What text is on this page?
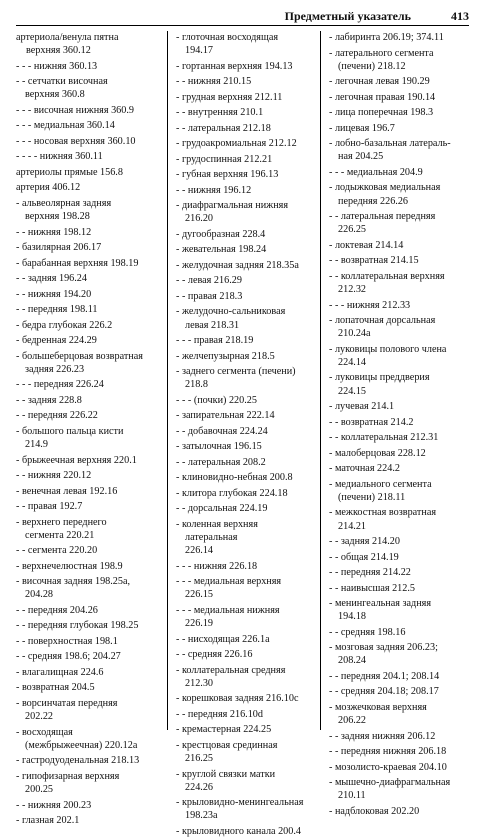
Предметный указатель	413
артериола/венула пятна
верхняя 360.12
- - - нижняя 360.13
- - сетчатки височная
верхняя 360.8
- - - височная нижняя 360.9
- - - медиальная 360.14
- - - носовая верхняя 360.10
- - - - нижняя 360.11
артериолы прямые 156.8
артерия 406.12
- альвеолярная задняя
верхняя 198.28
- - нижняя 198.12
- базилярная 206.17
- барабанная верхняя 198.19
- - задняя 196.24
- - нижняя 194.20
- - передняя 198.11
- бедра глубокая 226.2
- бедренная 224.29
- большеберцовая возвратная
задняя 226.23
- - - передняя 226.24
- - задняя 228.8
- - передняя 226.22
- большого пальца кисти
214.9
- брыжеечная верхняя 220.1
- - нижняя 220.12
- венечная левая 192.16
- - правая 192.7
- верхнего переднего
сегмента 220.21
- - сегмента 220.20
- верхнечелюстная 198.9
- височная задняя 198.25а,
204.28
- - передняя 204.26
- - передняя глубокая 198.25
- - поверхностная 198.1
- - средняя 198.6; 204.27
- влагалищная 224.6
- возвратная 204.5
- ворсинчатая передняя
202.22
- восходящая
(межбрыжеечная) 220.12а
- гастродуоденальная 218.13
- гипофизарная верхняя
200.25
- - нижняя 200.23
- глазная 202.1
- глоточная восходящая
194.17
- гортанная верхняя 194.13
- - нижняя 210.15
- грудная верхняя 212.11
- - внутренняя 210.1
- - латеральная 212.18
- грудоакромиальная 212.12
- грудоспинная 212.21
- губная верхняя 196.13
- - нижняя 196.12
- диафрагмальная нижняя
216.20
- дугообразная 228.4
- жевательная 198.24
- желудочная задняя 218.35а
- - левая 216.29
- - правая 218.3
- желудочно-сальниковая
левая 218.31
- - - правая 218.19
- желчепузырная 218.5
- заднего сегмента (печени)
218.8
- - - (почки) 220.25
- запирательная 222.14
- - добавочная 224.24
- затылочная 196.15
- - латеральная 208.2
- клиновидно-небная 200.8
- клитора глубокая 224.18
- - дорсальная 224.19
- коленная верхняя
латеральная
226.14
- - - нижняя 226.18
- - - медиальная верхняя
226.15
- - - медиальная нижняя
226.19
- - нисходящая 226.1а
- - средняя 226.16
- коллатеральная средняя
212.30
- корешковая задняя 216.10с
- - передняя 216.10d
- кремастерная 224.25
- крестцовая срединная
216.25
- круглой связки матки
224.26
- крыловидно-менингеальная
198.23а
- крыловидного канала 200.4
- лабиринта 206.19; 374.11
- латерального сегмента
(печени) 218.12
- легочная левая 190.29
- легочная правая 190.14
- лица поперечная 198.3
- лицевая 196.7
- лобно-базальная латераль-
ная 204.25
- - - медиальная 204.9
- лодыжковая медиальная
передняя 226.26
- - латеральная передняя
226.25
- локтевая 214.14
- - возвратная 214.15
- - коллатеральная верхняя
212.32
- - - нижняя 212.33
- лопаточная дорсальная
210.24а
- луковицы полового члена
224.14
- луковицы преддверия
224.15
- лучевая 214.1
- - возвратная 214.2
- - коллатеральная 212.31
- малоберцовая 228.12
- маточная 224.2
- медиального сегмента
(печени) 218.11
- межкостная возвратная
214.21
- - задняя 214.20
- - общая 214.19
- - передняя 214.22
- - наивысшая 212.5
- менингеальная задняя
194.18
- - средняя 198.16
- мозговая задняя 206.23;
208.24
- - передняя 204.1; 208.14
- - средняя 204.18; 208.17
- мозжечковая верхняя
206.22
- - задняя нижняя 206.12
- - передняя нижняя 206.18
- мозолисто-краевая 204.10
- мышечно-диафрагмальная
210.11
- надблоковая 202.20
